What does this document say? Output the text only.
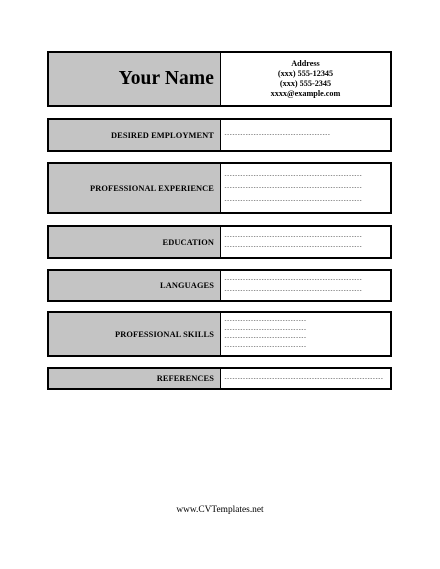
Your Name
Address
(xxx) 555-12345
(xxx) 555-2345
xxxx@example.com
DESIRED EMPLOYMENT	----------------------------------------
PROFESSIONAL EXPERIENCE
----------------------------------------------------
----------------------------------------------------
----------------------------------------------------
EDUCATION
----------------------------------------------------
----------------------------------------------------
LANGUAGES
----------------------------------------------------
----------------------------------------------------
PROFESSIONAL SKILLS
-------------------------------
-------------------------------
-------------------------------
-------------------------------
REFERENCES	------------------------------------------------------------
www.CVTemplates.net
